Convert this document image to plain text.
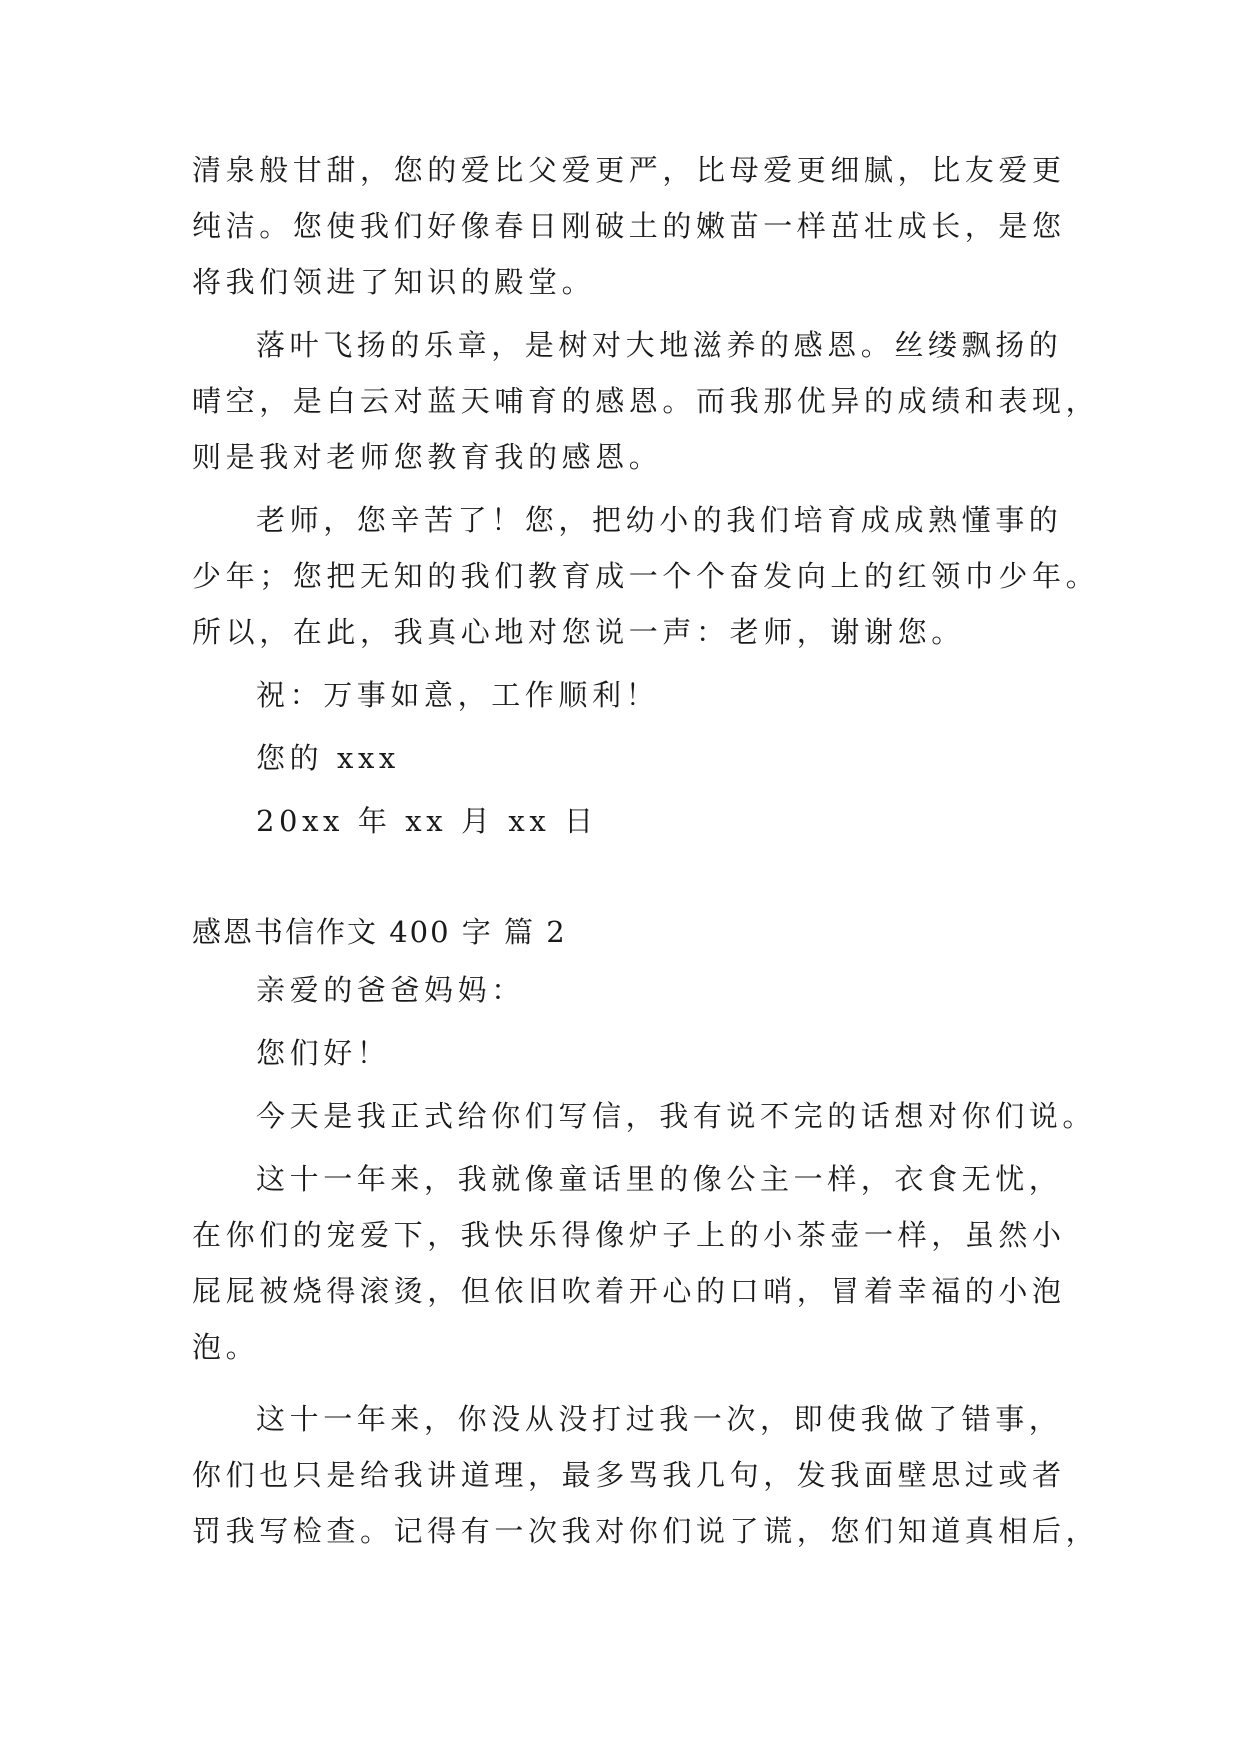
清泉般甘甜，您的爱比父爱更严，比母爱更细腻，比友爱更
纯洁。您使我们好像春日刚破土的嫩苗一样茁壮成长，是您
将我们领进了知识的殿堂。
落叶飞扬的乐章，是树对大地滋养的感恩。丝缕飘扬的
晴空，是白云对蓝天哺育的感恩。而我那优异的成绩和表现，
则是我对老师您教育我的感恩。
老师，您辛苦了！您，把幼小的我们培育成成熟懂事的
少年；您把无知的我们教育成一个个奋发向上的红领巾少年。
所以，在此，我真心地对您说一声：老师，谢谢您。
祝：万事如意，工作顺利！
您的 xxx
20xx 年 xx 月 xx 日
感恩书信作文 400 字 篇 2
亲爱的爸爸妈妈：
您们好！
今天是我正式给你们写信，我有说不完的话想对你们说。
这十一年来，我就像童话里的像公主一样，衣食无忧，
在你们的宠爱下，我快乐得像炉子上的小茶壶一样，虽然小
屁屁被烧得滚烫，但依旧吹着开心的口哨，冒着幸福的小泡
泡。
这十一年来，你没从没打过我一次，即使我做了错事，
你们也只是给我讲道理，最多骂我几句，发我面壁思过或者
罚我写检查。记得有一次我对你们说了谎，您们知道真相后，
